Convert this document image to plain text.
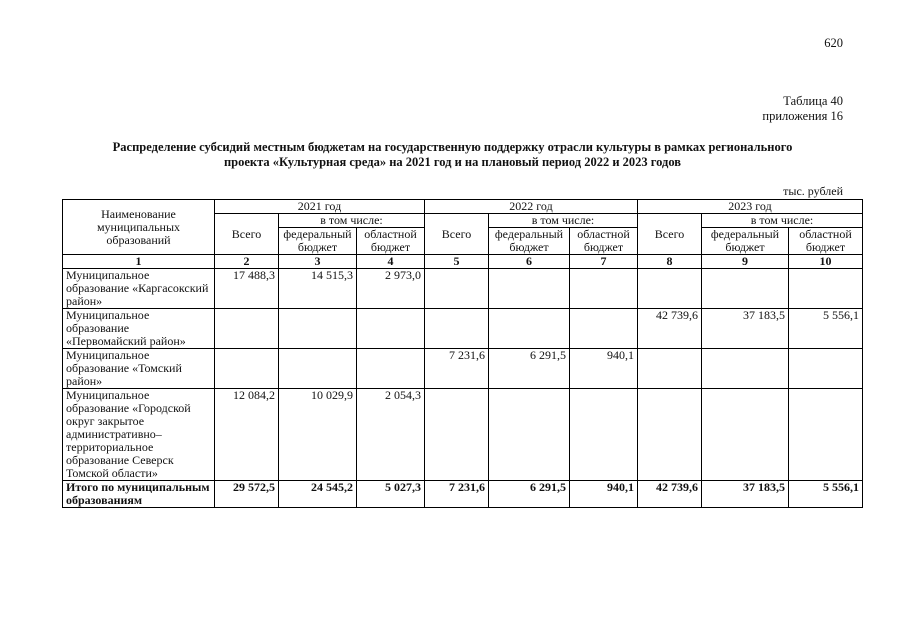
620
Таблица 40
приложения 16
Распределение субсидий местным бюджетам на государственную поддержку отрасли культуры в рамках регионального
проекта «Культурная среда» на 2021 год и на плановый период 2022 и 2023 годов
тыс. рублей
Наименование муниципальных образований	2021 год			2022 год			2023 год		
	Всего	в том числе:		Всего	в том числе:		Всего	в том числе:	
		федеральный бюджет	областной бюджет		федеральный бюджет	областной бюджет		федеральный бюджет	областной бюджет
1	2	3	4	5	6	7	8	9	10
Муниципальное образование «Каргасокский район»	17 488,3	14 515,3	2 973,0						
Муниципальное образование «Первомайский район»							42 739,6	37 183,5	5 556,1
Муниципальное образование «Томский район»				7 231,6	6 291,5	940,1			
Муниципальное образование «Городской округ закрытое административно–территориальное образование Северск Томской области»	12 084,2	10 029,9	2 054,3						
Итого по муниципальным образованиям	29 572,5	24 545,2	5 027,3	7 231,6	6 291,5	940,1	42 739,6	37 183,5	5 556,1
